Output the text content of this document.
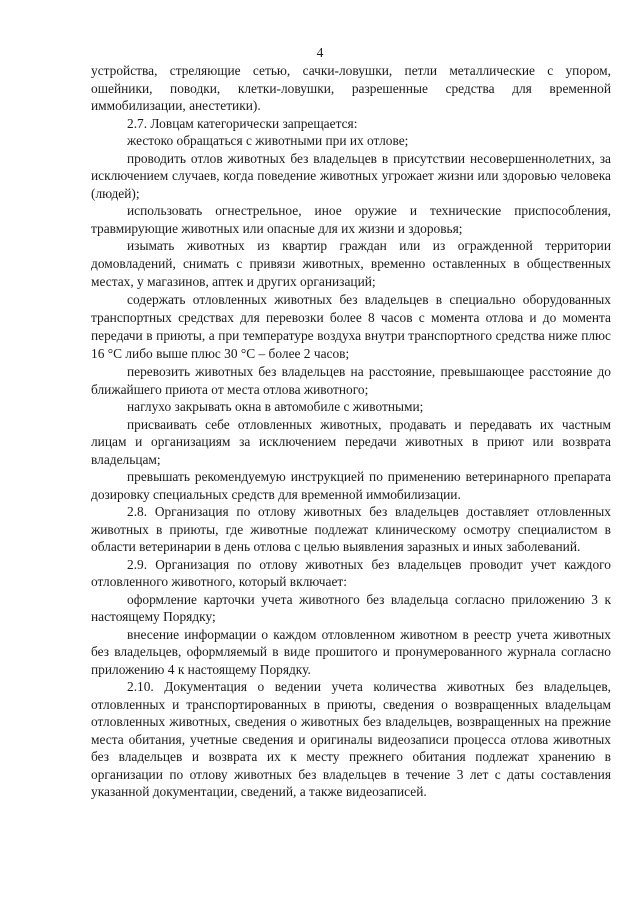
4

устройства, стреляющие сетью, сачки-ловушки, петли металлические с упором, ошейники, поводки, клетки-ловушки, разрешенные средства для временной иммобилизации, анестетики).

2.7. Ловцам категорически запрещается:

жестоко обращаться с животными при их отлове;

проводить отлов животных без владельцев в присутствии несовершеннолетних, за исключением случаев, когда поведение животных угрожает жизни или здоровью человека (людей);

использовать огнестрельное, иное оружие и технические приспособления, травмирующие животных или опасные для их жизни и здоровья;

изымать животных из квартир граждан или из огражденной территории домовладений, снимать с привязи животных, временно оставленных в общественных местах, у магазинов, аптек и других организаций;

содержать отловленных животных без владельцев в специально оборудованных транспортных средствах для перевозки более 8 часов с момента отлова и до момента передачи в приюты, а при температуре воздуха внутри транспортного средства ниже плюс 16 °С либо выше плюс 30 °С – более 2 часов;

перевозить животных без владельцев на расстояние, превышающее расстояние до ближайшего приюта от места отлова животного;

наглухо закрывать окна в автомобиле с животными;

присваивать себе отловленных животных, продавать и передавать их частным лицам и организациям за исключением передачи животных в приют или возврата владельцам;

превышать рекомендуемую инструкцией по применению ветеринарного препарата дозировку специальных средств для временной иммобилизации.

2.8. Организация по отлову животных без владельцев доставляет отловленных животных в приюты, где животные подлежат клиническому осмотру специалистом в области ветеринарии в день отлова с целью выявления заразных и иных заболеваний.

2.9. Организация по отлову животных без владельцев проводит учет каждого отловленного животного, который включает:

оформление карточки учета животного без владельца согласно приложению 3 к настоящему Порядку;

внесение информации о каждом отловленном животном в реестр учета животных без владельцев, оформляемый в виде прошитого и пронумерованного журнала согласно приложению 4 к настоящему Порядку.

2.10. Документация о ведении учета количества животных без владельцев, отловленных и транспортированных в приюты, сведения о возвращенных владельцам отловленных животных, сведения о животных без владельцев, возвращенных на прежние места обитания, учетные сведения и оригиналы видеозаписи процесса отлова животных без владельцев и возврата их к месту прежнего обитания подлежат хранению в организации по отлову животных без владельцев в течение 3 лет с даты составления указанной документации, сведений, а также видеозаписей.
